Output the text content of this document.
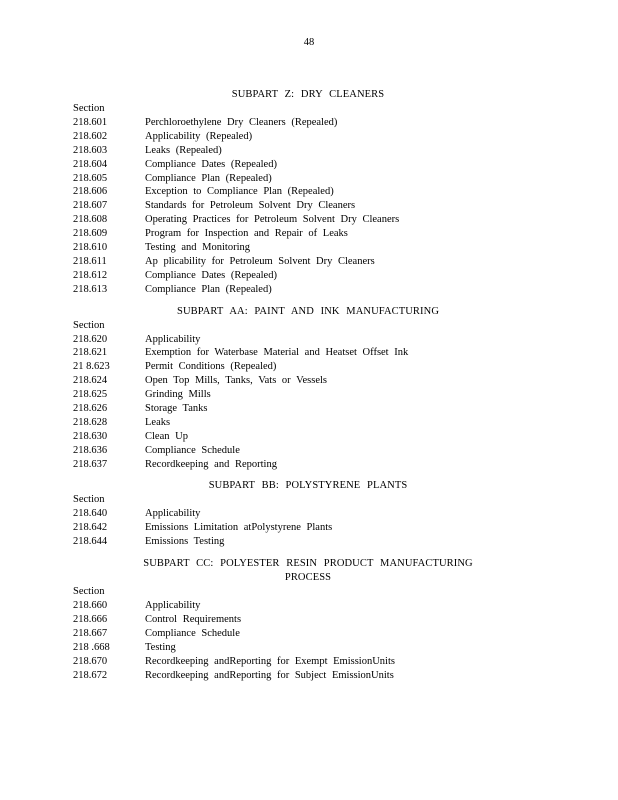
48
SUBPART Z: DRY CLEANERS
Section
218.601	Perchloroethylene Dry Cleaners (Repealed)
218.602	Applicability (Repealed)
218.603	Leaks (Repealed)
218.604	Compliance Dates (Repealed)
218.605	Compliance Plan (Repealed)
218.606	Exception to Compliance Plan (Repealed)
218.607	Standards for Petroleum Solvent Dry Cleaners
218.608	Operating Practices for Petroleum Solvent Dry Cleaners
218.609	Program for Inspection and Repair of Leaks
218.610	Testing and Monitoring
218.611	Ap plicability for Petroleum Solvent Dry Cleaners
218.612	Compliance Dates (Repealed)
218.613	Compliance Plan (Repealed)
SUBPART AA: PAINT AND INK MANUFACTURING
Section
218.620	Applicability
218.621	Exemption for Waterbase Material and Heatset Offset Ink
21 8.623	Permit Conditions (Repealed)
218.624	Open Top Mills, Tanks, Vats or Vessels
218.625	Grinding Mills
218.626	Storage Tanks
218.628	Leaks
218.630	Clean Up
218.636	Compliance Schedule
218.637	Recordkeeping and Reporting
SUBPART BB: POLYSTYRENE PLANTS
Section
218.640	Applicability
218.642	Emissions Limitation atPolystyrene Plants
218.644	Emissions Testing
SUBPART CC: POLYESTER RESIN PRODUCT MANUFACTURING
PROCESS
Section
218.660	Applicability
218.666	Control Requirements
218.667	Compliance Schedule
218 .668	Testing
218.670	Recordkeeping andReporting for Exempt EmissionUnits
218.672	Recordkeeping andReporting for Subject EmissionUnits
